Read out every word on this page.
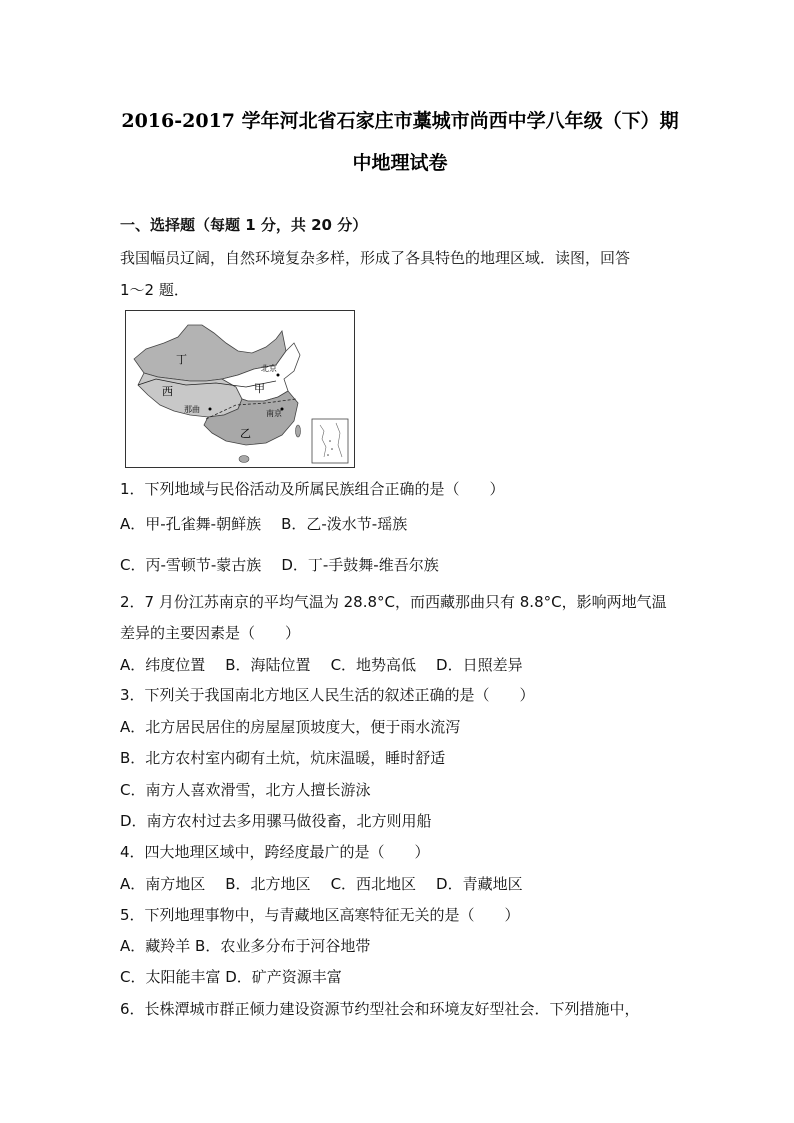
2016-2017 学年河北省石家庄市藁城市尚西中学八年级（下）期
中地理试卷
一、选择题（每题 1 分，共 20 分）
我国幅员辽阔，自然环境复杂多样，形成了各具特色的地理区域．读图，回答
1～2 题．
丁
西
那曲
北京
甲
南京
乙
1．下列地域与民俗活动及所属民族组合正确的是（　　）
A．甲-孔雀舞-朝鲜族 B．乙-泼水节-瑶族
C．丙-雪顿节-蒙古族 D．丁-手鼓舞-维吾尔族
2．7 月份江苏南京的平均气温为 28.8°C，而西藏那曲只有 8.8°C，影响两地气温
差异的主要因素是（　　）
A．纬度位置 B．海陆位置 C．地势高低 D．日照差异
3．下列关于我国南北方地区人民生活的叙述正确的是（　　）
A．北方居民居住的房屋屋顶坡度大，便于雨水流泻
B．北方农村室内砌有土炕，炕床温暖，睡时舒适
C．南方人喜欢滑雪，北方人擅长游泳
D．南方农村过去多用骡马做役畜，北方则用船
4．四大地理区域中，跨经度最广的是（　　）
A．南方地区 B．北方地区 C．西北地区 D．青藏地区
5．下列地理事物中，与青藏地区高寒特征无关的是（　　）
A．藏羚羊 B．农业多分布于河谷地带
C．太阳能丰富 D．矿产资源丰富
6．长株潭城市群正倾力建设资源节约型社会和环境友好型社会．下列措施中，
